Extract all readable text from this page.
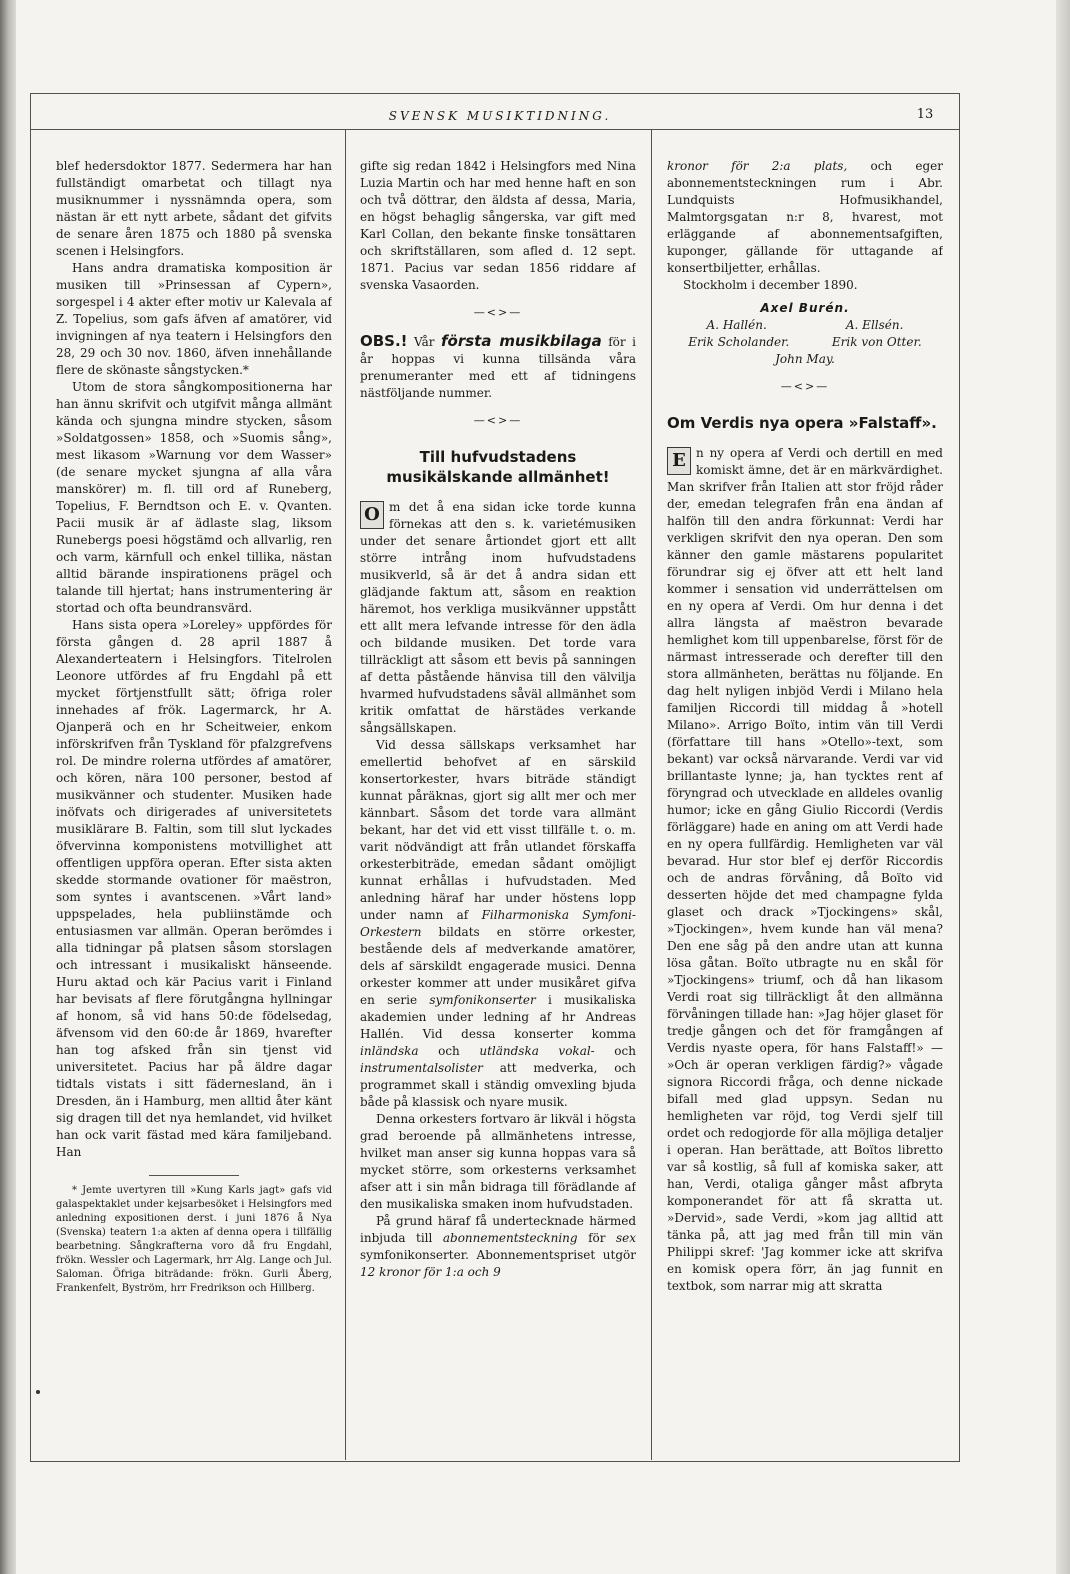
SVENSK MUSIKTIDNING.	13

blef hedersdoktor 1877. Sedermera har han fullständigt omarbetat och tillagt nya musiknummer i nyssnämnda opera, som nästan är ett nytt arbete, sådant det gifvits de senare åren 1875 och 1880 på svenska scenen i Helsingfors.

Hans andra dramatiska komposition är musiken till »Prinsessan af Cypern», sorgespel i 4 akter efter motiv ur Kalevala af Z. Topelius, som gafs äfven af amatörer, vid invigningen af nya teatern i Helsingfors den 28, 29 och 30 nov. 1860, äfven innehållande flere de skönaste sångstycken.*

Utom de stora sångkompositionerna har han ännu skrifvit och utgifvit många allmänt kända och sjungna mindre stycken, såsom »Soldatgossen» 1858, och »Suomis sång», mest likasom »Warnung vor dem Wasser» (de senare mycket sjungna af alla våra manskörer) m. fl. till ord af Runeberg, Topelius, F. Berndtson och E. v. Qvanten. Pacii musik är af ädlaste slag, liksom Runebergs poesi högstämd och allvarlig, ren och varm, kärnfull och enkel tillika, nästan alltid bärande inspirationens prägel och talande till hjertat; hans instrumentering är stortad och ofta beundransvärd.

Hans sista opera »Loreley» uppfördes för första gången d. 28 april 1887 å Alexanderteatern i Helsingfors. Titelrolen Leonore utfördes af fru Engdahl på ett mycket förtjenstfullt sätt; öfriga roler innehades af frök. Lagermarck, hr A. Ojanperä och en hr Scheitweier, enkom införskrifven från Tyskland för pfalzgrefvens rol. De mindre rolerna utfördes af amatörer, och kören, nära 100 personer, bestod af musikvänner och studenter. Musiken hade inöfvats och dirigerades af universitetets musiklärare B. Faltin, som till slut lyckades öfvervinna komponistens motvillighet att offentligen uppföra operan. Efter sista akten skedde stormande ovationer för maëstron, som syntes i avantscenen. »Vårt land» uppspelades, hela publiinstämde och entusiasmen var allmän. Operan berömdes i alla tidningar på platsen såsom storslagen och intressant i musikaliskt hänseende. Huru aktad och kär Pacius varit i Finland har bevisats af flere förutgångna hyllningar af honom, så vid hans 50:de födelsedag, äfvensom vid den 60:de år 1869, hvarefter han tog afsked från sin tjenst vid universitetet. Pacius har på äldre dagar tidtals vistats i sitt fädernesland, än i Dresden, än i Hamburg, men alltid åter känt sig dragen till det nya hemlandet, vid hvilket han ock varit fästad med kära familjeband. Han

* Jemte uvertyren till »Kung Karls jagt» gafs vid galaspektaklet under kejsarbesöket i Helsingfors med anledning expositionen derst. i juni 1876 å Nya (Svenska) teatern 1:a akten af denna opera i tillfällig bearbetning. Sångkrafterna voro då fru Engdahl, frökn. Wessler och Lagermark, hrr Alg. Lange och Jul. Saloman. Öfriga biträdande: frökn. Gurli Åberg, Frankenfelt, Byström, hrr Fredrikson och Hillberg.

gifte sig redan 1842 i Helsingfors med Nina Luzia Martin och har med henne haft en son och två döttrar, den äldsta af dessa, Maria, en högst behaglig sångerska, var gift med Karl Collan, den bekante finske tonsättaren och skriftställaren, som afled d. 12 sept. 1871. Pacius var sedan 1856 riddare af svenska Vasaorden.

—<>—

OBS.! Vår första musikbilaga för i år hoppas vi kunna tillsända våra prenumeranter med ett af tidningens nästföljande nummer.

—<>—
Till hufvudstadens musikälskande allmänhet!

O m det å ena sidan icke torde kunna förnekas att den s. k. varietémusiken under det senare årtiondet gjort ett allt större intrång inom hufvudstadens musikverld, så är det å andra sidan ett glädjande faktum att, såsom en reaktion häremot, hos verkliga musikvänner uppstått ett allt mera lefvande intresse för den ädla och bildande musiken. Det torde vara tillräckligt att såsom ett bevis på sanningen af detta påstående hänvisa till den välvilja hvarmed hufvudstadens såväl allmänhet som kritik omfattat de härstädes verkande sångsällskapen.

Vid dessa sällskaps verksamhet har emellertid behofvet af en särskild konsertorkester, hvars biträde ständigt kunnat påräknas, gjort sig allt mer och mer kännbart. Såsom det torde vara allmänt bekant, har det vid ett visst tillfälle t. o. m. varit nödvändigt att från utlandet förskaffa orkesterbiträde, emedan sådant omöjligt kunnat erhållas i hufvudstaden. Med anledning häraf har under höstens lopp under namn af Filharmoniska Symfoni-Orkestern bildats en större orkester, bestående dels af medverkande amatörer, dels af särskildt engagerade musici. Denna orkester kommer att under musikåret gifva en serie symfonikonserter i musikaliska akademien under ledning af hr Andreas Hallén. Vid dessa konserter komma inländska och utländska vokal- och instrumentalsolister att medverka, och programmet skall i ständig omvexling bjuda både på klassisk och nyare musik.

Denna orkesters fortvaro är likväl i högsta grad beroende på allmänhetens intresse, hvilket man anser sig kunna hoppas vara så mycket större, som orkesterns verksamhet afser att i sin mån bidraga till förädlande af den musikaliska smaken inom hufvudstaden.

På grund häraf få undertecknade härmed inbjuda till abonnementsteckning för sex symfonikonserter. Abonnementspriset utgör 12 kronor för 1:a och 9

kronor för 2:a plats, och eger abonnementsteckningen rum i Abr. Lundquists Hofmusikhandel, Malmtorgsgatan n:r 8, hvarest, mot erläggande af abonnementsafgiften, kuponger, gällande för uttagande af konsertbiljetter, erhållas.

Stockholm i december 1890.

Axel Burén.
A. Hallén.	A. Ellsén.
Erik Scholander.	Erik von Otter.
John May.
—<>—
Om Verdis nya opera »Falstaff».

E n ny opera af Verdi och dertill en med komiskt ämne, det är en märkvärdighet. Man skrifver från Italien att stor fröjd råder der, emedan telegrafen från ena ändan af halfön till den andra förkunnat: Verdi har verkligen skrifvit den nya operan. Den som känner den gamle mästarens popularitet förundrar sig ej öfver att ett helt land kommer i sensation vid underrättelsen om en ny opera af Verdi. Om hur denna i det allra längsta af maëstron bevarade hemlighet kom till uppenbarelse, först för de närmast intresserade och derefter till den stora allmänheten, berättas nu följande. En dag helt nyligen inbjöd Verdi i Milano hela familjen Riccordi till middag å »hotell Milano». Arrigo Boïto, intim vän till Verdi (författare till hans »Otello»-text, som bekant) var också närvarande. Verdi var vid brillantaste lynne; ja, han tycktes rent af föryngrad och utvecklade en alldeles ovanlig humor; icke en gång Giulio Riccordi (Verdis förläggare) hade en aning om att Verdi hade en ny opera fullfärdig. Hemligheten var väl bevarad. Hur stor blef ej derför Riccordis och de andras förvåning, då Boïto vid desserten höjde det med champagne fylda glaset och drack »Tjockingens» skål, »Tjockingen», hvem kunde han väl mena? Den ene såg på den andre utan att kunna lösa gåtan. Boïto utbragte nu en skål för »Tjockingens» triumf, och då han likasom Verdi roat sig tillräckligt åt den allmänna förvåningen tillade han: »Jag höjer glaset för tredje gången och det för framgången af Verdis nyaste opera, för hans Falstaff!» — »Och är operan verkligen färdig?» vågade signora Riccordi fråga, och denne nickade bifall med glad uppsyn. Sedan nu hemligheten var röjd, tog Verdi sjelf till ordet och redogjorde för alla möjliga detaljer i operan. Han berättade, att Boïtos libretto var så kostlig, så full af komiska saker, att han, Verdi, otaliga gånger måst afbryta komponerandet för att få skratta ut. »Dervid», sade Verdi, »kom jag alltid att tänka på, att jag med från till min vän Philippi skref: 'Jag kommer icke att skrifva en komisk opera förr, än jag funnit en textbok, som narrar mig att skratta
